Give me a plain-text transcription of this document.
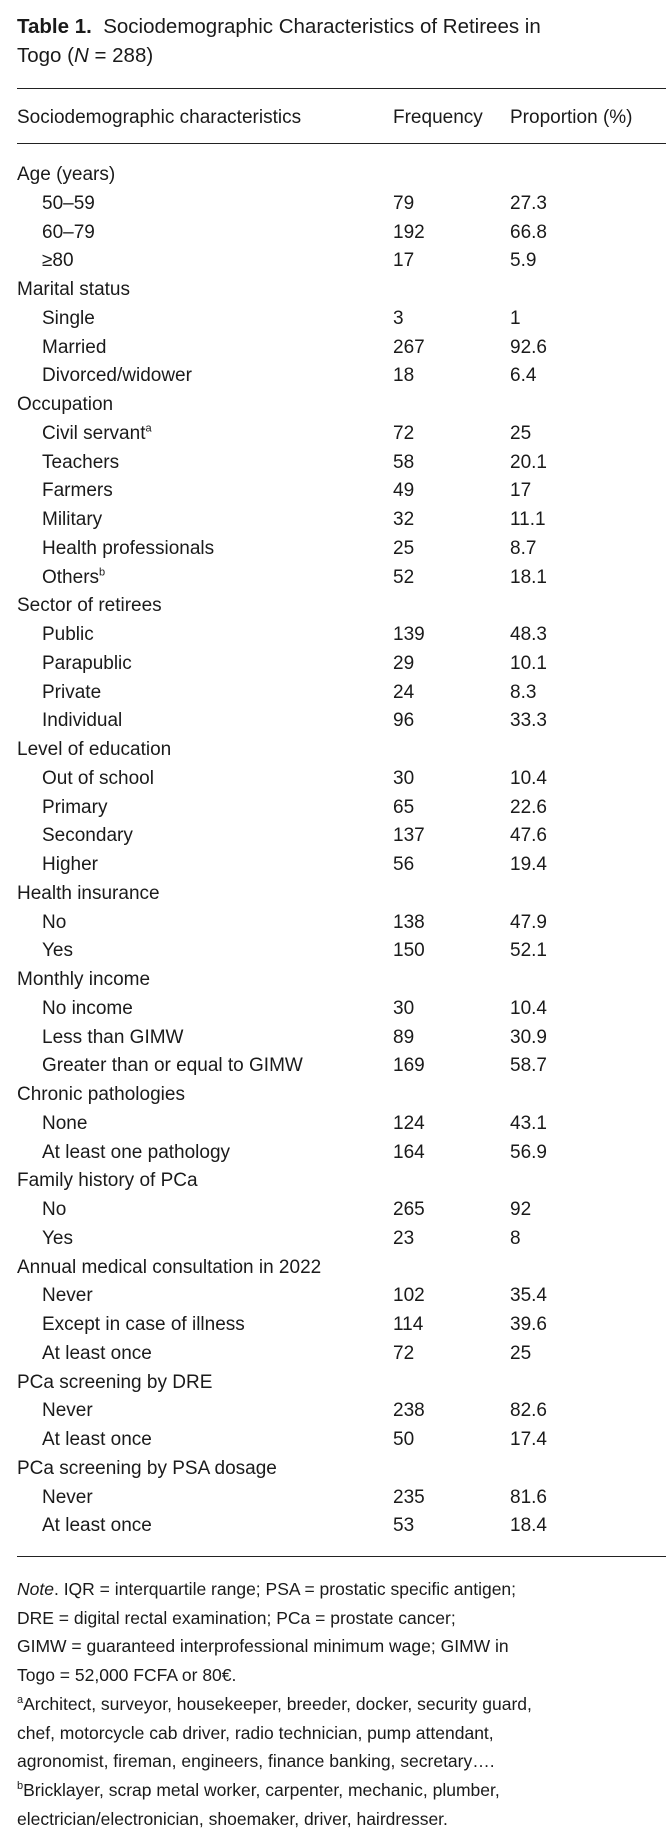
Table 1. Sociodemographic Characteristics of Retirees in
Togo (N = 288)
Sociodemographic characteristics	Frequency Proportion (%)
Age (years)
50–59	79	27.3
60–79	192	66.8
≥80	17	5.9
Marital status
Single	3	1
Married	267	92.6
Divorced/widower	18	6.4
Occupation
Civil servant$^a$	72	25
Teachers	58	20.1
Farmers	49	17
Military	32	11.1
Health professionals	25	8.7
Others$^b$	52	18.1
Sector of retirees
Public	139	48.3
Parapublic	29	10.1
Private	24	8.3
Individual	96	33.3
Level of education
Out of school	30	10.4
Primary	65	22.6
Secondary	137	47.6
Higher	56	19.4
Health insurance
No	138	47.9
Yes	150	52.1
Monthly income
No income	30	10.4
Less than GIMW	89	30.9
Greater than or equal to GIMW	169	58.7
Chronic pathologies
None	124	43.1
At least one pathology	164	56.9
Family history of PCa
No	265	92
Yes	23	8
Annual medical consultation in 2022
Never	102	35.4
Except in case of illness	114	39.6
At least once	72	25
PCa screening by DRE
Never	238	82.6
At least once	50	17.4
PCa screening by PSA dosage
Never	235	81.6
At least once	53	18.4
Note. IQR = interquartile range; PSA = prostatic specific antigen;
DRE = digital rectal examination; PCa = prostate cancer;
GIMW = guaranteed interprofessional minimum wage; GIMW in
Togo = 52,000 FCFA or 80€.
$^a$Architect, surveyor, housekeeper, breeder, docker, security guard,
chef, motorcycle cab driver, radio technician, pump attendant,
agronomist, fireman, engineers, finance banking, secretary….
$^b$Bricklayer, scrap metal worker, carpenter, mechanic, plumber,
electrician/electronician, shoemaker, driver, hairdresser.
